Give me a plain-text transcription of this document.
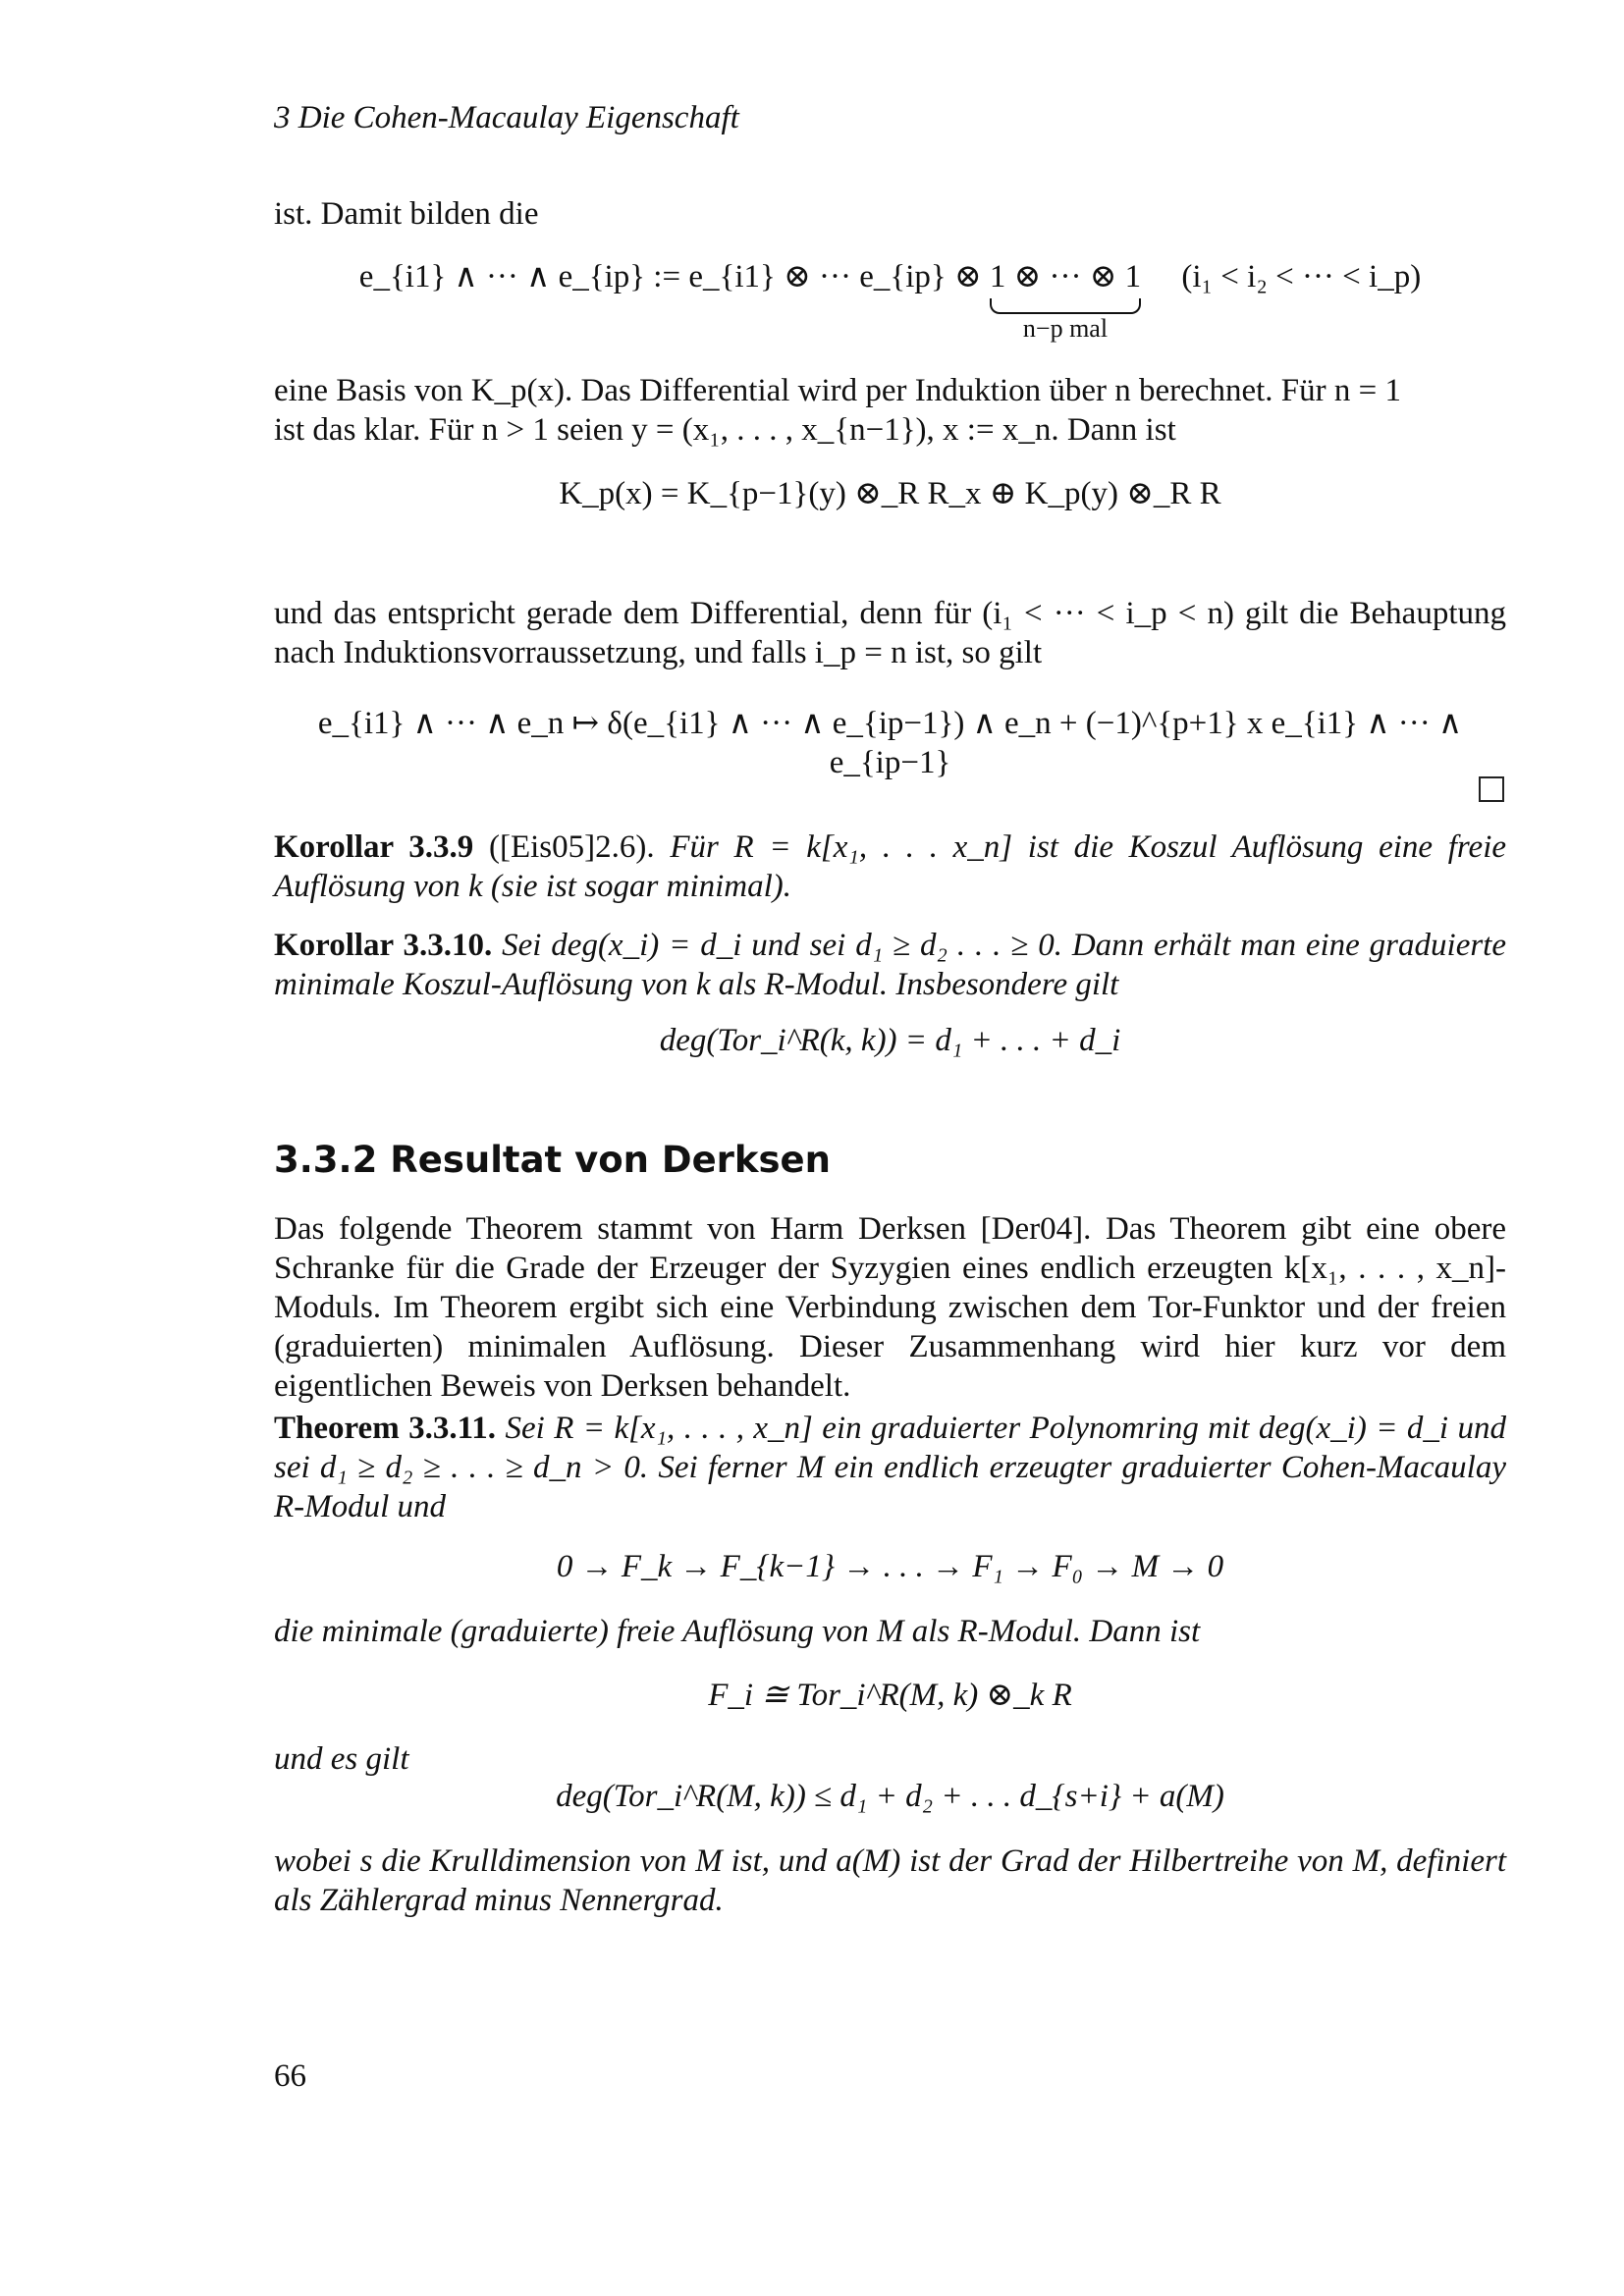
3 Die Cohen-Macaulay Eigenschaft
ist. Damit bilden die
e_{i1} ∧ ··· ∧ e_{ip} := e_{i1} ⊗ ··· e_{ip} ⊗ 1 ⊗ ··· ⊗ 1
n−p mal
(i₁ < i₂ < ··· < i_p)
eine Basis von K_p(x). Das Differential wird per Induktion über n berechnet. Für n = 1
ist das klar. Für n > 1 seien y = (x₁, . . . , x_{n−1}), x := x_n. Dann ist
K_p(x) = K_{p−1}(y) ⊗_R R_x ⊕ K_p(y) ⊗_R R
und das entspricht gerade dem Differential, denn für (i₁ < ··· < i_p < n) gilt die Behauptung nach Induktionsvorraussetzung, und falls i_p = n ist, so gilt
e_{i1} ∧ ··· ∧ e_n ↦ δ(e_{i1} ∧ ··· ∧ e_{ip−1}) ∧ e_n + (−1)^{p+1} x e_{i1} ∧ ··· ∧ e_{ip−1}
Korollar 3.3.9 ([Eis05]2.6). Für R = k[x₁, . . . x_n] ist die Koszul Auflösung eine freie Auflösung von k (sie ist sogar minimal).
Korollar 3.3.10. Sei deg(x_i) = d_i und sei d₁ ≥ d₂ . . . ≥ 0. Dann erhält man eine graduierte minimale Koszul-Auflösung von k als R-Modul. Insbesondere gilt
deg(Tor_i^R(k, k)) = d₁ + . . . + d_i
3.3.2 Resultat von Derksen
Das folgende Theorem stammt von Harm Derksen [Der04]. Das Theorem gibt eine obere Schranke für die Grade der Erzeuger der Syzygien eines endlich erzeugten k[x₁, . . . , x_n]-Moduls. Im Theorem ergibt sich eine Verbindung zwischen dem Tor-Funktor und der freien (graduierten) minimalen Auflösung. Dieser Zusammenhang wird hier kurz vor dem eigentlichen Beweis von Derksen behandelt.
Theorem 3.3.11. Sei R = k[x₁, . . . , x_n] ein graduierter Polynomring mit deg(x_i) = d_i und sei d₁ ≥ d₂ ≥ . . . ≥ d_n > 0. Sei ferner M ein endlich erzeugter graduierter Cohen-Macaulay R-Modul und
0 → F_k → F_{k−1} → . . . → F₁ → F₀ → M → 0
die minimale (graduierte) freie Auflösung von M als R-Modul. Dann ist
F_i ≅ Tor_i^R(M, k) ⊗_k R
und es gilt
deg(Tor_i^R(M, k)) ≤ d₁ + d₂ + . . . d_{s+i} + a(M)
wobei s die Krulldimension von M ist, und a(M) ist der Grad der Hilbertreihe von M, definiert als Zählergrad minus Nennergrad.
66
